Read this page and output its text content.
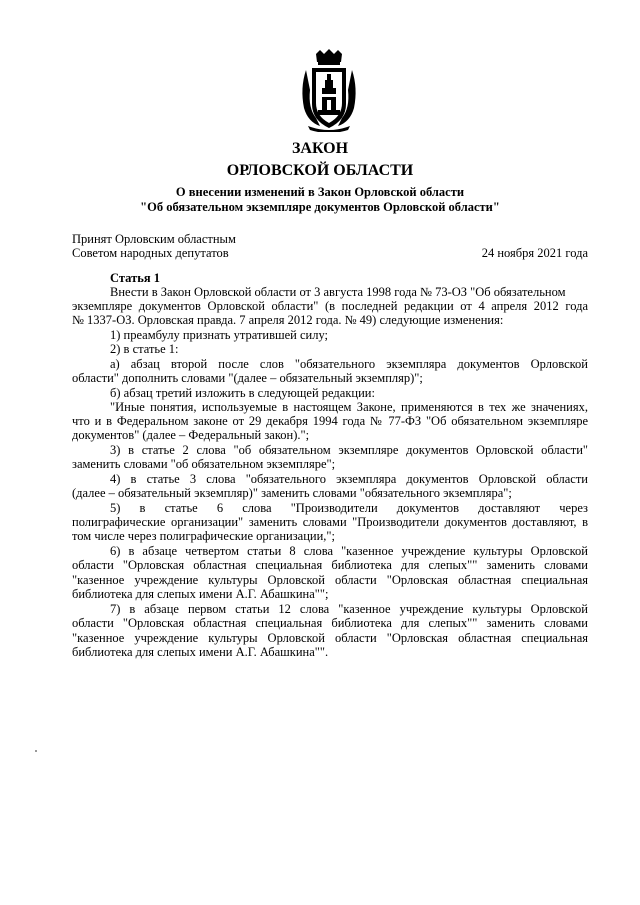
ЗАКОН
ОРЛОВСКОЙ ОБЛАСТИ
О внесении изменений в Закон Орловской области
"Об обязательном экземпляре документов Орловской области"
Принят Орловским областным
Советом народных депутатов	24 ноября 2021 года
Статья 1
Внести в Закон Орловской области от 3 августа 1998 года № 73-ОЗ "Об обязательном
экземпляре документов Орловской области" (в последней редакции от 4 апреля 2012 года
№ 1337-ОЗ. Орловская правда. 7 апреля 2012 года. № 49) следующие изменения:
1) преамбулу признать утратившей силу;
2) в статье 1:
а) абзац второй после слов "обязательного экземпляра документов Орловской
области" дополнить словами "(далее – обязательный экземпляр)";
б) абзац третий изложить в следующей редакции:
"Иные понятия, используемые в настоящем Законе, применяются в тех же значениях,
что и в Федеральном законе от 29 декабря 1994 года № 77-ФЗ "Об обязательном экземпляре
документов" (далее – Федеральный закон).";
3) в статье 2 слова "об обязательном экземпляре документов Орловской области"
заменить словами "об обязательном экземпляре";
4) в статье 3 слова "обязательного экземпляра документов Орловской области
(далее – обязательный экземпляр)" заменить словами "обязательного экземпляра";
5) в статье 6 слова "Производители документов доставляют через
полиграфические организации" заменить словами "Производители документов доставляют, в
том числе через полиграфические организации,";
6) в абзаце четвертом статьи 8 слова "казенное учреждение культуры Орловской
области "Орловская областная специальная библиотека для слепых"" заменить словами
"казенное учреждение культуры Орловской области "Орловская областная специальная
библиотека для слепых имени А.Г. Абашкина"";
7) в абзаце первом статьи 12 слова "казенное учреждение культуры Орловской
области "Орловская областная специальная библиотека для слепых"" заменить словами
"казенное учреждение культуры Орловской области "Орловская областная специальная
библиотека для слепых имени А.Г. Абашкина"".
